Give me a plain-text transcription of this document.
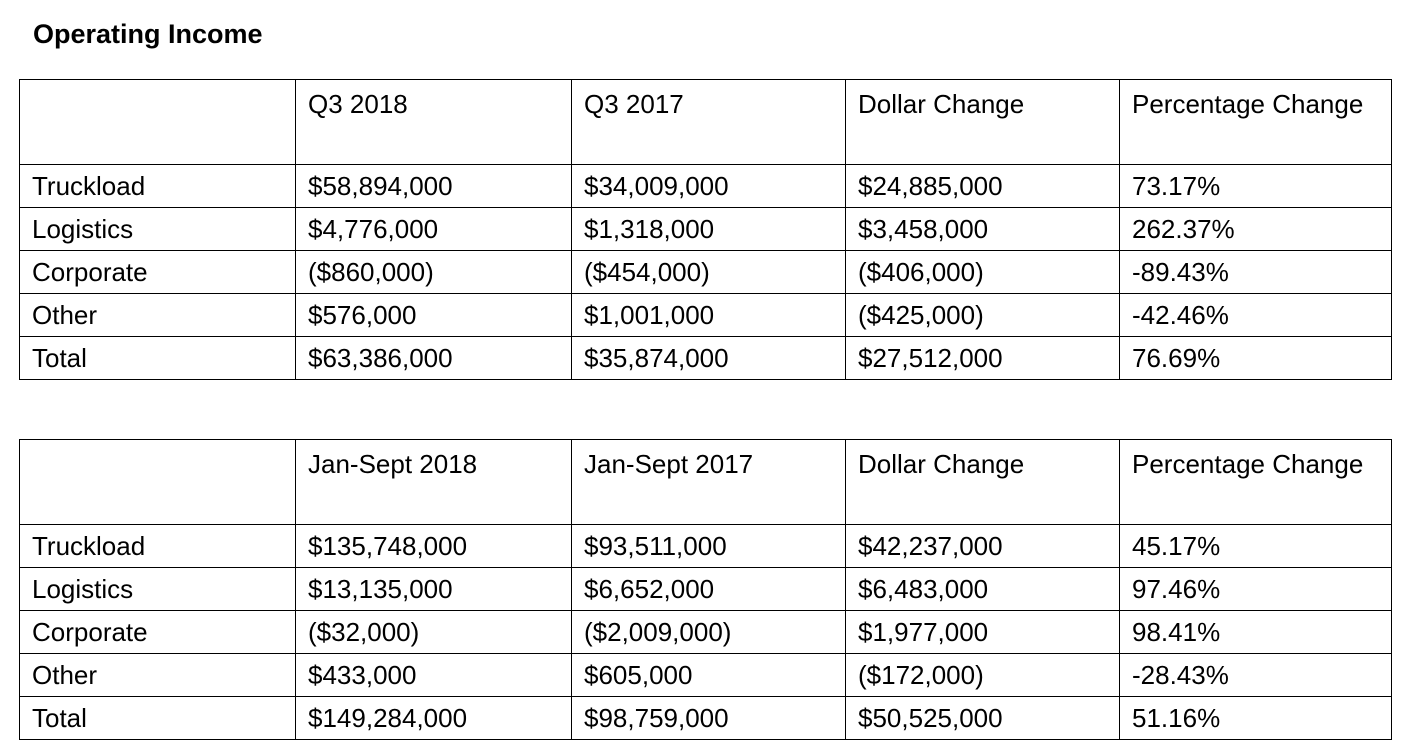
Operating Income
	Q3 2018	Q3 2017	Dollar Change	Percentage Change
Truckload	$58,894,000	$34,009,000	$24,885,000	73.17%
Logistics	$4,776,000	$1,318,000	$3,458,000	262.37%
Corporate	($860,000)	($454,000)	($406,000)	-89.43%
Other	$576,000	$1,001,000	($425,000)	-42.46%
Total	$63,386,000	$35,874,000	$27,512,000	76.69%
	Jan-Sept 2018	Jan-Sept 2017	Dollar Change	Percentage Change
Truckload	$135,748,000	$93,511,000	$42,237,000	45.17%
Logistics	$13,135,000	$6,652,000	$6,483,000	97.46%
Corporate	($32,000)	($2,009,000)	$1,977,000	98.41%
Other	$433,000	$605,000	($172,000)	-28.43%
Total	$149,284,000	$98,759,000	$50,525,000	51.16%
